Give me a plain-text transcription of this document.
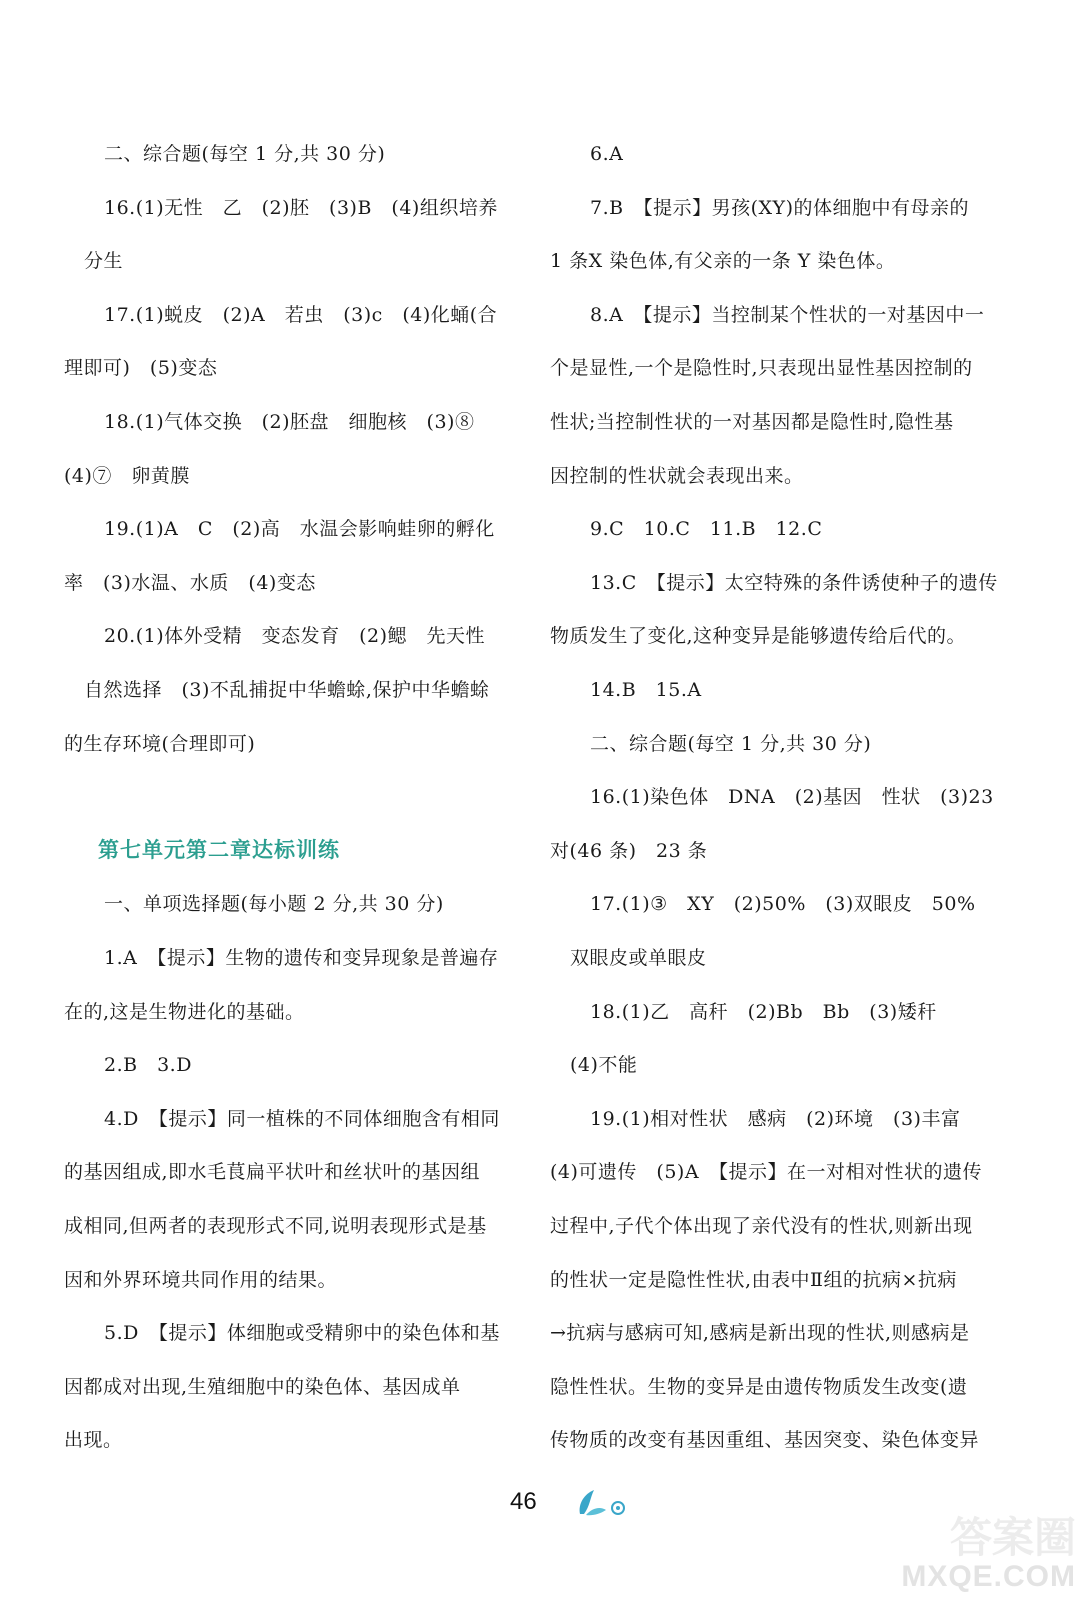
二、综合题(每空 1 分,共 30 分)
16.(1)无性　乙　(2)胚　(3)B　(4)组织培养
分生
17.(1)蜕皮　(2)A　若虫　(3)c　(4)化蛹(合
理即可)　(5)变态
18.(1)气体交换　(2)胚盘　细胞核　(3)⑧
(4)⑦　卵黄膜
19.(1)A　C　(2)高　水温会影响蛙卵的孵化
率　(3)水温、水质　(4)变态
20.(1)体外受精　变态发育　(2)鳃　先天性
自然选择　(3)不乱捕捉中华蟾蜍,保护中华蟾蜍
的生存环境(合理即可)
一、单项选择题(每小题 2 分,共 30 分)
1.A　【提示】生物的遗传和变异现象是普遍存
在的,这是生物进化的基础。
2.B　3.D
4.D　【提示】同一植株的不同体细胞含有相同
的基因组成,即水毛茛扁平状叶和丝状叶的基因组
成相同,但两者的表现形式不同,说明表现形式是基
因和外界环境共同作用的结果。
5.D　【提示】体细胞或受精卵中的染色体和基
因都成对出现,生殖细胞中的染色体、基因成单
出现。
第七单元第二章达标训练
6.A
7.B　【提示】男孩(XY)的体细胞中有母亲的
1 条X 染色体,有父亲的一条 Y 染色体。
8.A　【提示】当控制某个性状的一对基因中一
个是显性,一个是隐性时,只表现出显性基因控制的
性状;当控制性状的一对基因都是隐性时,隐性基
因控制的性状就会表现出来。
9.C　10.C　11.B　12.C
13.C　【提示】太空特殊的条件诱使种子的遗传
物质发生了变化,这种变异是能够遗传给后代的。
14.B　15.A
二、综合题(每空 1 分,共 30 分)
16.(1)染色体　DNA　(2)基因　性状　(3)23
对(46 条)　23 条
17.(1)③　XY　(2)50%　(3)双眼皮　50%
双眼皮或单眼皮
18.(1)乙　高秆　(2)Bb　Bb　(3)矮秆
(4)不能
19.(1)相对性状　感病　(2)环境　(3)丰富
(4)可遗传　(5)A　【提示】在一对相对性状的遗传
过程中,子代个体出现了亲代没有的性状,则新出现
的性状一定是隐性性状,由表中Ⅱ组的抗病×抗病
→抗病与感病可知,感病是新出现的性状,则感病是
隐性性状。生物的变异是由遗传物质发生改变(遗
传物质的改变有基因重组、基因突变、染色体变异
46
答案圈
MXQE.COM
